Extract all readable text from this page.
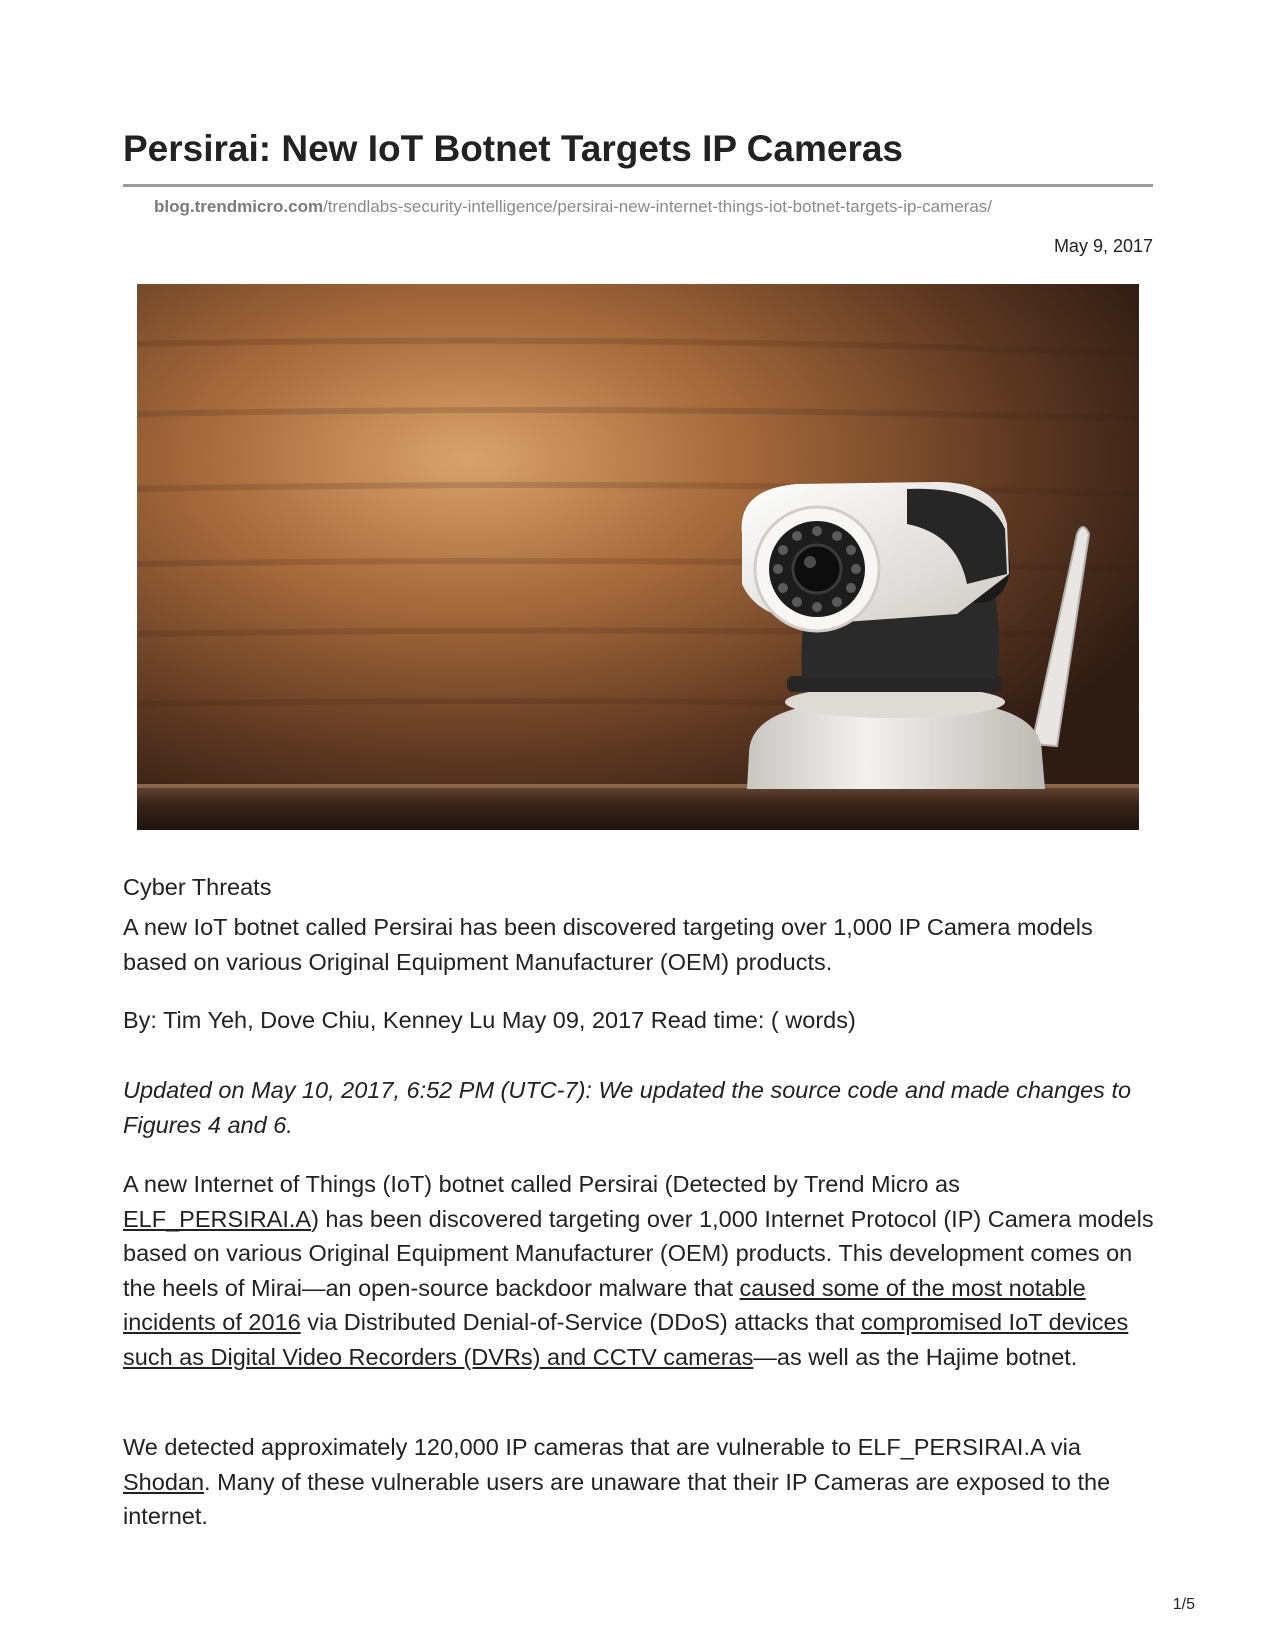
Persirai: New IoT Botnet Targets IP Cameras
blog.trendmicro.com/trendlabs-security-intelligence/persirai-new-internet-things-iot-botnet-targets-ip-cameras/
May 9, 2017

Cyber Threats

A new IoT botnet called Persirai has been discovered targeting over 1,000 IP Camera models based on various Original Equipment Manufacturer (OEM) products.

By: Tim Yeh, Dove Chiu, Kenney Lu May 09, 2017 Read time: ( words)

Updated on May 10, 2017, 6:52 PM (UTC-7): We updated the source code and made changes to Figures 4 and 6.

A new Internet of Things (IoT) botnet called Persirai (Detected by Trend Micro as ELF_PERSIRAI.A) has been discovered targeting over 1,000 Internet Protocol (IP) Camera models based on various Original Equipment Manufacturer (OEM) products. This development comes on the heels of Mirai—an open-source backdoor malware that caused some of the most notable incidents of 2016 via Distributed Denial-of-Service (DDoS) attacks that compromised IoT devices such as Digital Video Recorders (DVRs) and CCTV cameras—as well as the Hajime botnet.

We detected approximately 120,000 IP cameras that are vulnerable to ELF_PERSIRAI.A via Shodan. Many of these vulnerable users are unaware that their IP Cameras are exposed to the internet.

1/5
